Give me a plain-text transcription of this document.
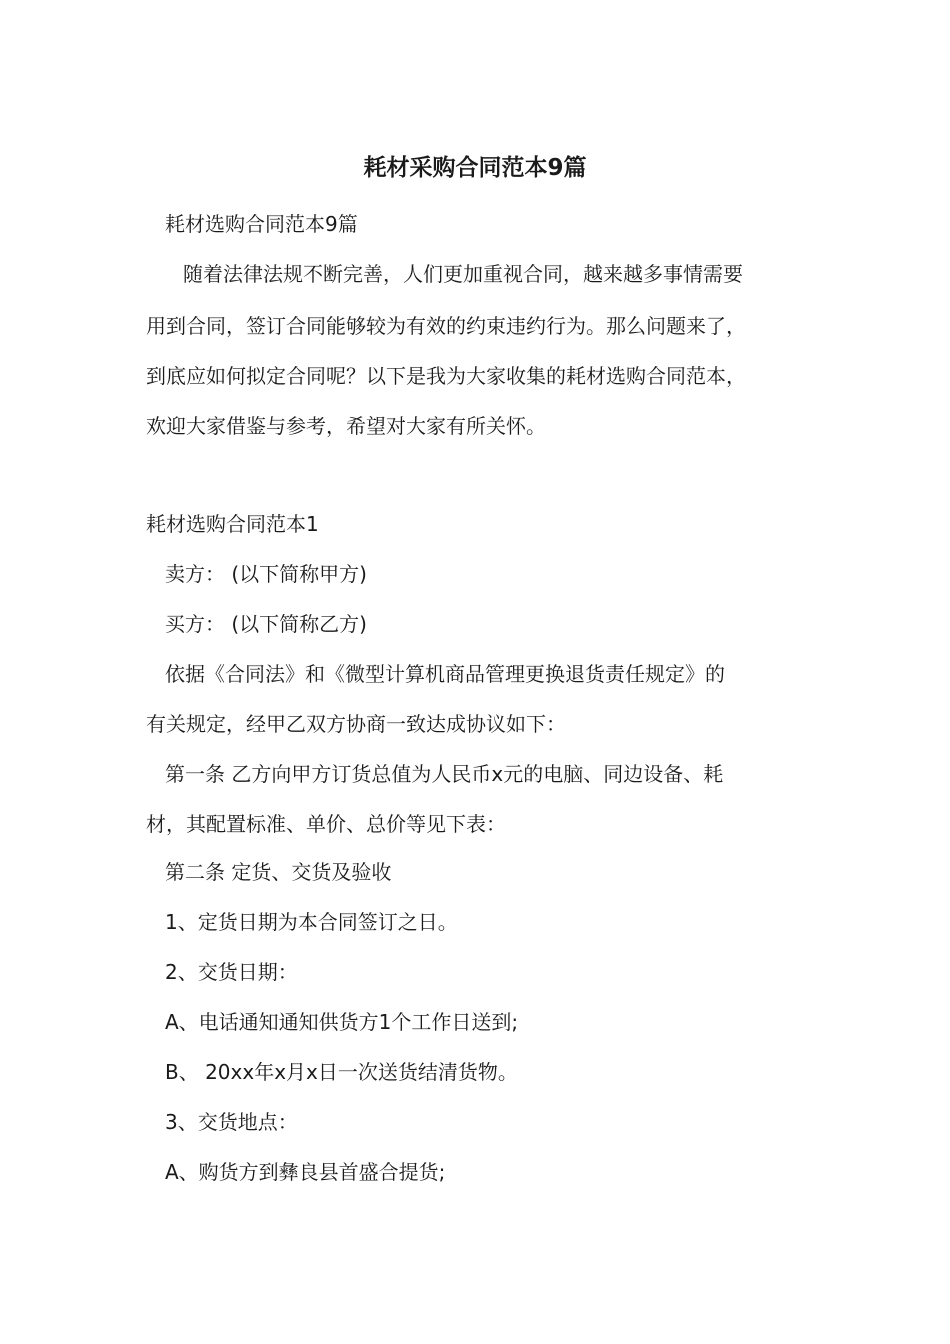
耗材采购合同范本9篇
耗材选购合同范本9篇
随着法律法规不断完善，人们更加重视合同，越来越多事情需要
用到合同，签订合同能够较为有效的约束违约行为。那么问题来了，
到底应如何拟定合同呢？以下是我为大家收集的耗材选购合同范本，
欢迎大家借鉴与参考，希望对大家有所关怀。
耗材选购合同范本1
卖方： (以下简称甲方)
买方： (以下简称乙方)
依据《合同法》和《微型计算机商品管理更换退货责任规定》的
有关规定，经甲乙双方协商一致达成协议如下：
第一条 乙方向甲方订货总值为人民币x元的电脑、同边设备、耗
材，其配置标准、单价、总价等见下表：
第二条 定货、交货及验收
1、定货日期为本合同签订之日。
2、交货日期：
A、电话通知通知供货方1个工作日送到;
B、 20xx年x月x日一次送货结清货物。
3、交货地点：
A、购货方到彝良县首盛合提货;
